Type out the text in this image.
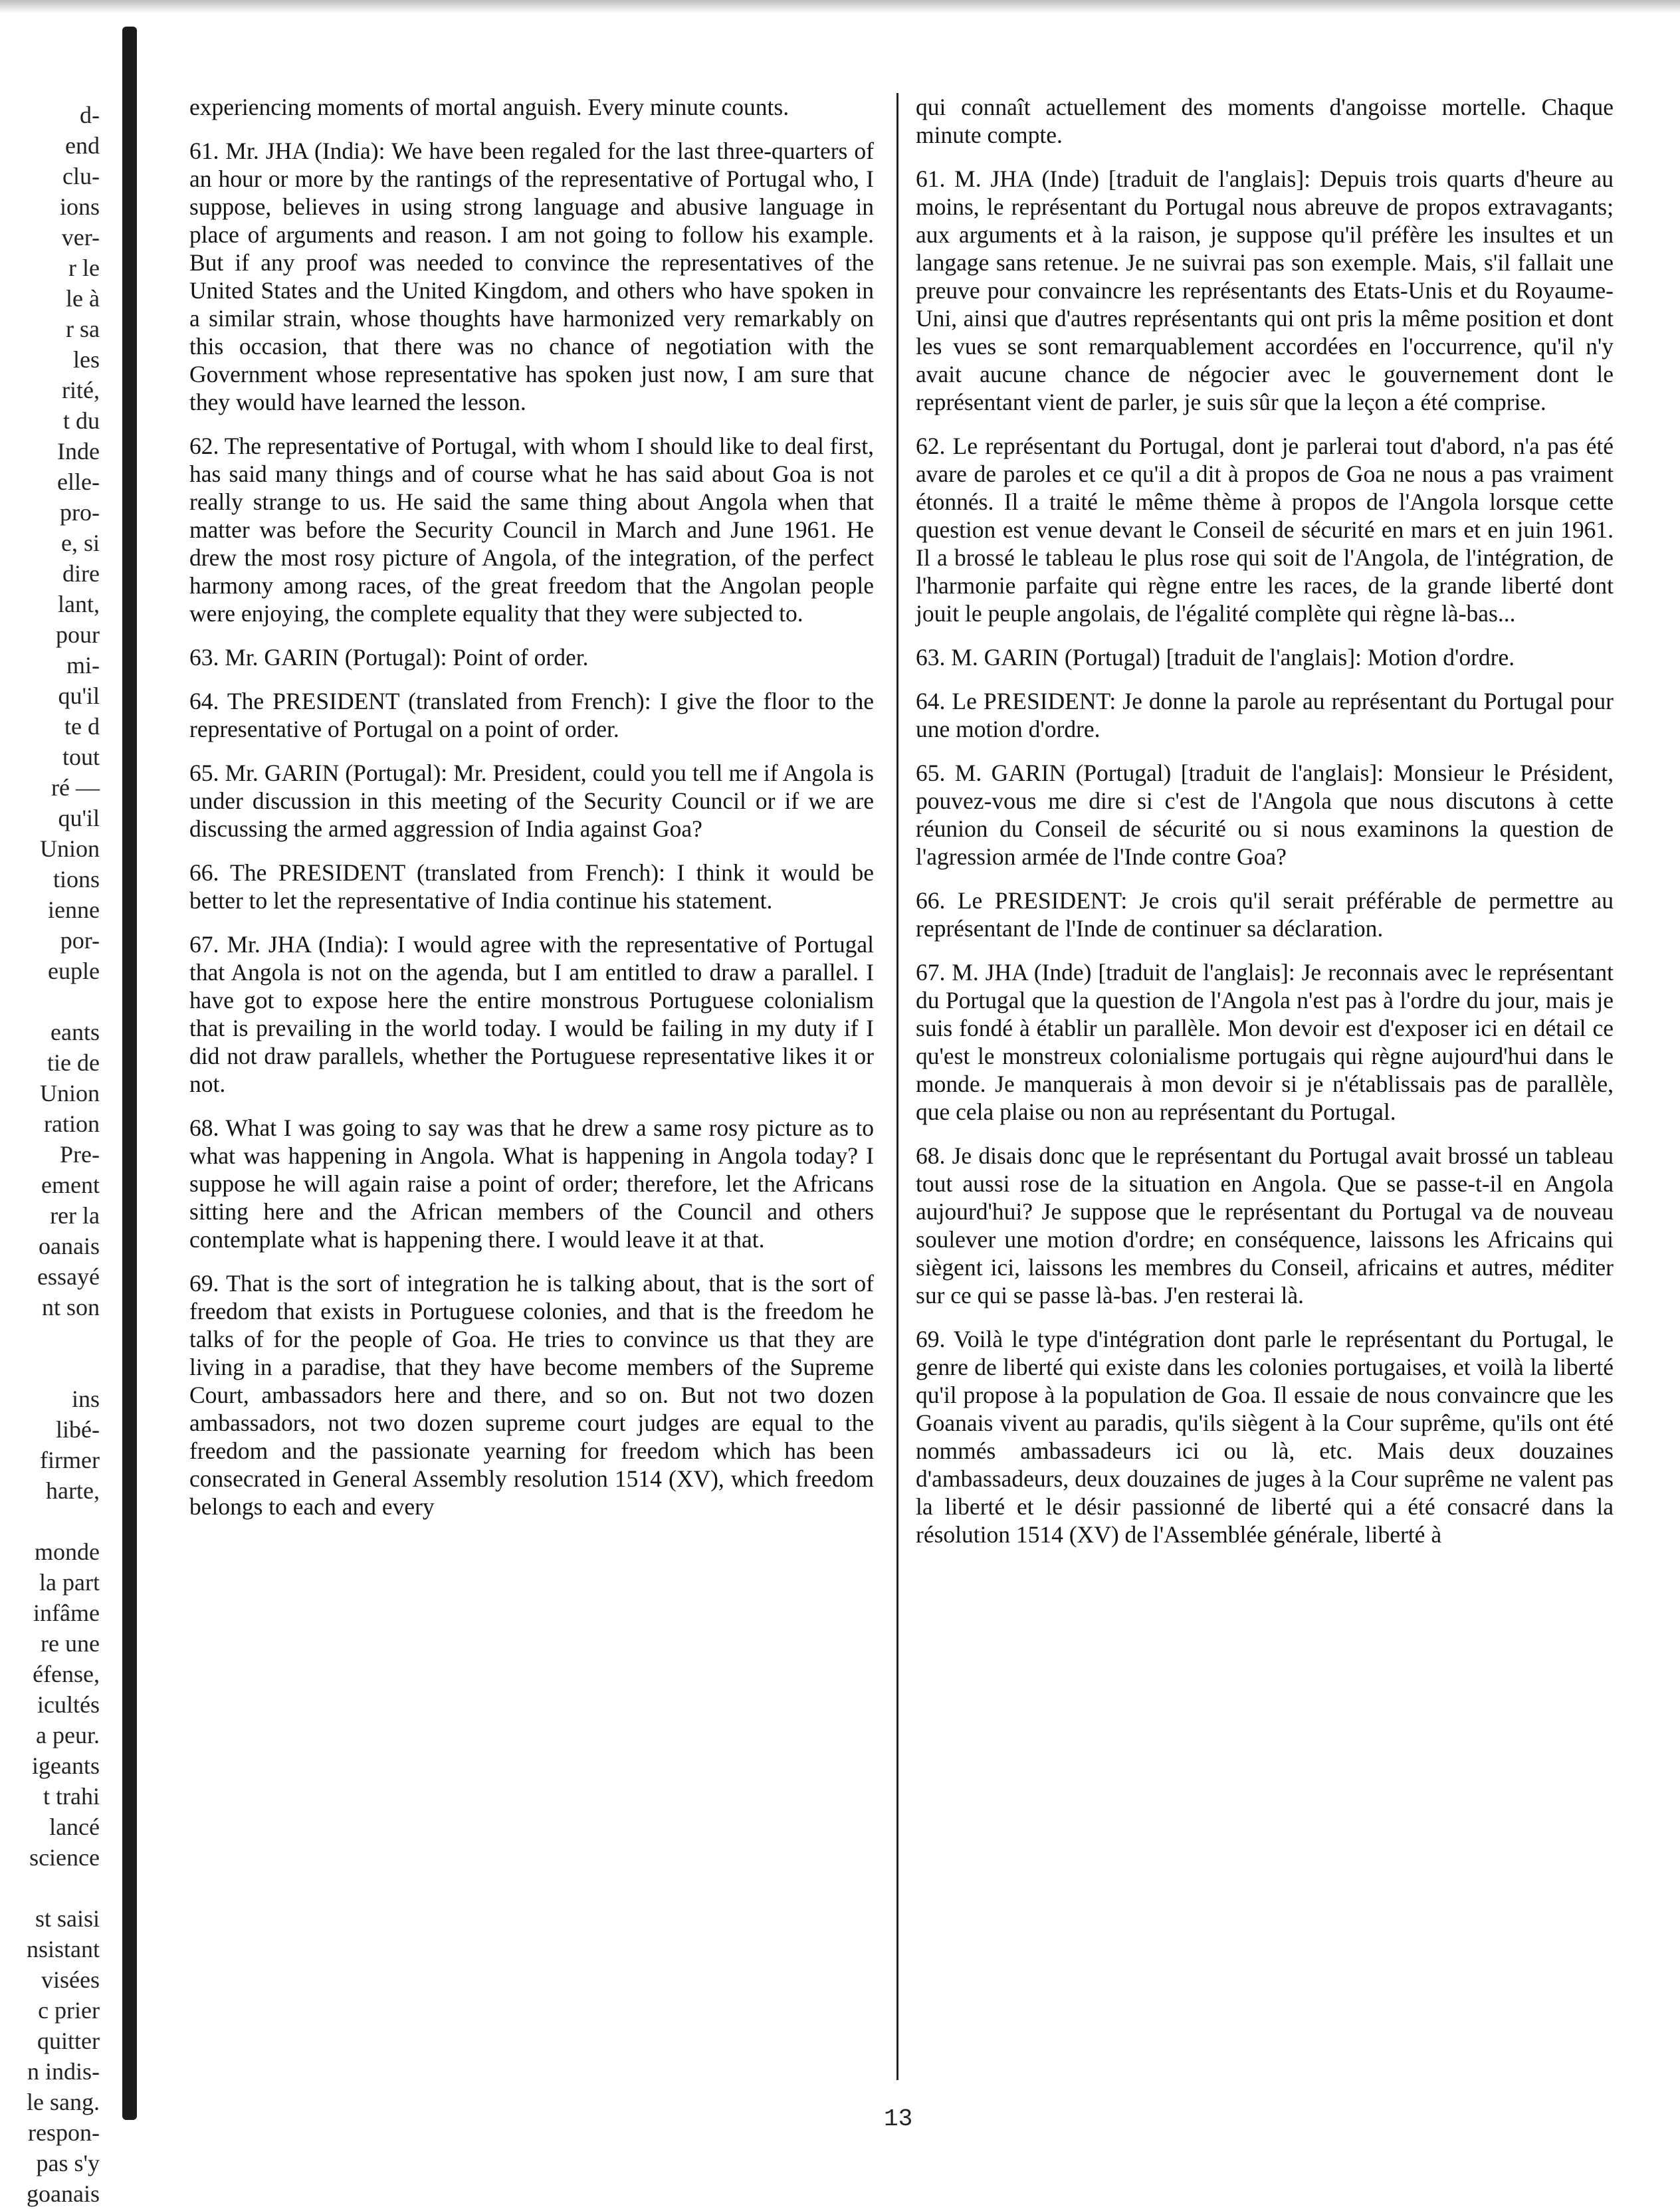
d-
end
clu-
ions
ver-
r le
le à
r sa
les
rité,
t du
Inde
elle-
pro-
e, si
dire
lant,
pour
mi-
qu'il
te d
tout
ré —
qu'il
Union
tions
ienne
por-
euple

eants
tie de
Union
ration
Pre-
ement
rer la
oanais
essayé
nt son

ins
libé-
firmer
harte,

monde
la part
infâme
re une
éfense,
icultés
a peur.
igeants
t trahi
lancé
science

st saisi
nsistant
visées
c prier
quitter
n indis-
le sang.
respon-
pas s'y
goanais

experiencing moments of mortal anguish. Every minute counts.

61. Mr. JHA (India): We have been regaled for the last three-quarters of an hour or more by the rantings of the representative of Portugal who, I suppose, believes in using strong language and abusive language in place of arguments and reason. I am not going to follow his example. But if any proof was needed to convince the representatives of the United States and the United Kingdom, and others who have spoken in a similar strain, whose thoughts have harmonized very remarkably on this occasion, that there was no chance of negotiation with the Government whose representative has spoken just now, I am sure that they would have learned the lesson.

62. The representative of Portugal, with whom I should like to deal first, has said many things and of course what he has said about Goa is not really strange to us. He said the same thing about Angola when that matter was before the Security Council in March and June 1961. He drew the most rosy picture of Angola, of the integration, of the perfect harmony among races, of the great freedom that the Angolan people were enjoying, the complete equality that they were subjected to.

63. Mr. GARIN (Portugal): Point of order.

64. The PRESIDENT (translated from French): I give the floor to the representative of Portugal on a point of order.

65. Mr. GARIN (Portugal): Mr. President, could you tell me if Angola is under discussion in this meeting of the Security Council or if we are discussing the armed aggression of India against Goa?

66. The PRESIDENT (translated from French): I think it would be better to let the representative of India continue his statement.

67. Mr. JHA (India): I would agree with the representative of Portugal that Angola is not on the agenda, but I am entitled to draw a parallel. I have got to expose here the entire monstrous Portuguese colonialism that is prevailing in the world today. I would be failing in my duty if I did not draw parallels, whether the Portuguese representative likes it or not.

68. What I was going to say was that he drew a same rosy picture as to what was happening in Angola. What is happening in Angola today? I suppose he will again raise a point of order; therefore, let the Africans sitting here and the African members of the Council and others contemplate what is happening there. I would leave it at that.

69. That is the sort of integration he is talking about, that is the sort of freedom that exists in Portuguese colonies, and that is the freedom he talks of for the people of Goa. He tries to convince us that they are living in a paradise, that they have become members of the Supreme Court, ambassadors here and there, and so on. But not two dozen ambassadors, not two dozen supreme court judges are equal to the freedom and the passionate yearning for freedom which has been consecrated in General Assembly resolution 1514 (XV), which freedom belongs to each and every

qui connaît actuellement des moments d'angoisse mortelle. Chaque minute compte.

61. M. JHA (Inde) [traduit de l'anglais]: Depuis trois quarts d'heure au moins, le représentant du Portugal nous abreuve de propos extravagants; aux arguments et à la raison, je suppose qu'il préfère les insultes et un langage sans retenue. Je ne suivrai pas son exemple. Mais, s'il fallait une preuve pour convaincre les représentants des Etats-Unis et du Royaume-Uni, ainsi que d'autres représentants qui ont pris la même position et dont les vues se sont remarquablement accordées en l'occurrence, qu'il n'y avait aucune chance de négocier avec le gouvernement dont le représentant vient de parler, je suis sûr que la leçon a été comprise.

62. Le représentant du Portugal, dont je parlerai tout d'abord, n'a pas été avare de paroles et ce qu'il a dit à propos de Goa ne nous a pas vraiment étonnés. Il a traité le même thème à propos de l'Angola lorsque cette question est venue devant le Conseil de sécurité en mars et en juin 1961. Il a brossé le tableau le plus rose qui soit de l'Angola, de l'intégration, de l'harmonie parfaite qui règne entre les races, de la grande liberté dont jouit le peuple angolais, de l'égalité complète qui règne là-bas...

63. M. GARIN (Portugal) [traduit de l'anglais]: Motion d'ordre.

64. Le PRESIDENT: Je donne la parole au représentant du Portugal pour une motion d'ordre.

65. M. GARIN (Portugal) [traduit de l'anglais]: Monsieur le Président, pouvez-vous me dire si c'est de l'Angola que nous discutons à cette réunion du Conseil de sécurité ou si nous examinons la question de l'agression armée de l'Inde contre Goa?

66. Le PRESIDENT: Je crois qu'il serait préférable de permettre au représentant de l'Inde de continuer sa déclaration.

67. M. JHA (Inde) [traduit de l'anglais]: Je reconnais avec le représentant du Portugal que la question de l'Angola n'est pas à l'ordre du jour, mais je suis fondé à établir un parallèle. Mon devoir est d'exposer ici en détail ce qu'est le monstreux colonialisme portugais qui règne aujourd'hui dans le monde. Je manquerais à mon devoir si je n'établissais pas de parallèle, que cela plaise ou non au représentant du Portugal.

68. Je disais donc que le représentant du Portugal avait brossé un tableau tout aussi rose de la situation en Angola. Que se passe-t-il en Angola aujourd'hui? Je suppose que le représentant du Portugal va de nouveau soulever une motion d'ordre; en conséquence, laissons les Africains qui siègent ici, laissons les membres du Conseil, africains et autres, méditer sur ce qui se passe là-bas. J'en resterai là.

69. Voilà le type d'intégration dont parle le représentant du Portugal, le genre de liberté qui existe dans les colonies portugaises, et voilà la liberté qu'il propose à la population de Goa. Il essaie de nous convaincre que les Goanais vivent au paradis, qu'ils siègent à la Cour suprême, qu'ils ont été nommés ambassadeurs ici ou là, etc. Mais deux douzaines d'ambassadeurs, deux douzaines de juges à la Cour suprême ne valent pas la liberté et le désir passionné de liberté qui a été consacré dans la résolution 1514 (XV) de l'Assemblée générale, liberté à

13
